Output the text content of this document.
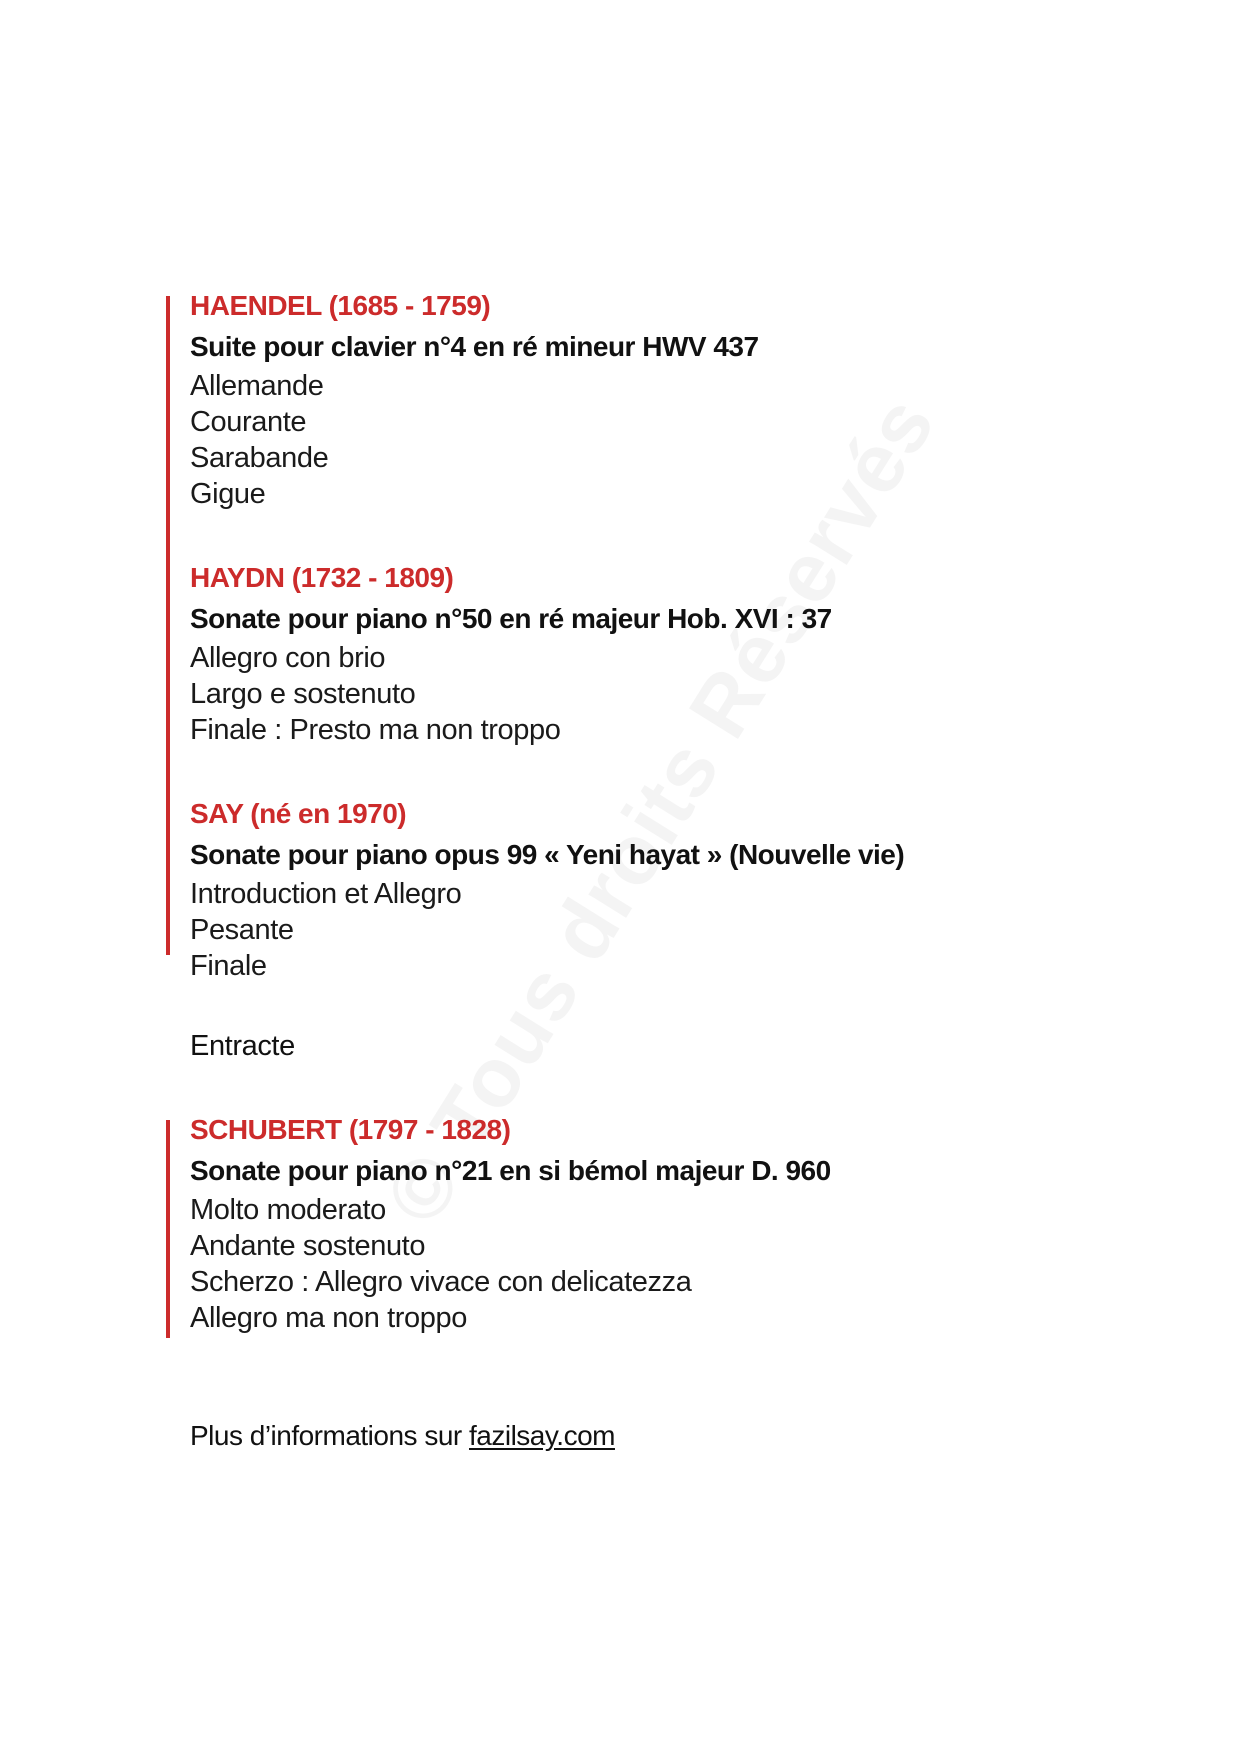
HAENDEL (1685 - 1759)
Suite pour clavier n°4 en ré mineur HWV 437
Allemande
Courante
Sarabande
Gigue
HAYDN (1732 - 1809)
Sonate pour piano n°50 en ré majeur Hob. XVI : 37
Allegro con brio
Largo e sostenuto
Finale : Presto ma non troppo
SAY (né en 1970)
Sonate pour piano opus 99 « Yeni hayat » (Nouvelle vie)
Introduction et Allegro
Pesante
Finale
Entracte
SCHUBERT (1797 - 1828)
Sonate pour piano n°21 en si bémol majeur D. 960
Molto moderato
Andante sostenuto
Scherzo : Allegro vivace con delicatezza
Allegro ma non troppo
Plus d’informations sur fazilsay.com
